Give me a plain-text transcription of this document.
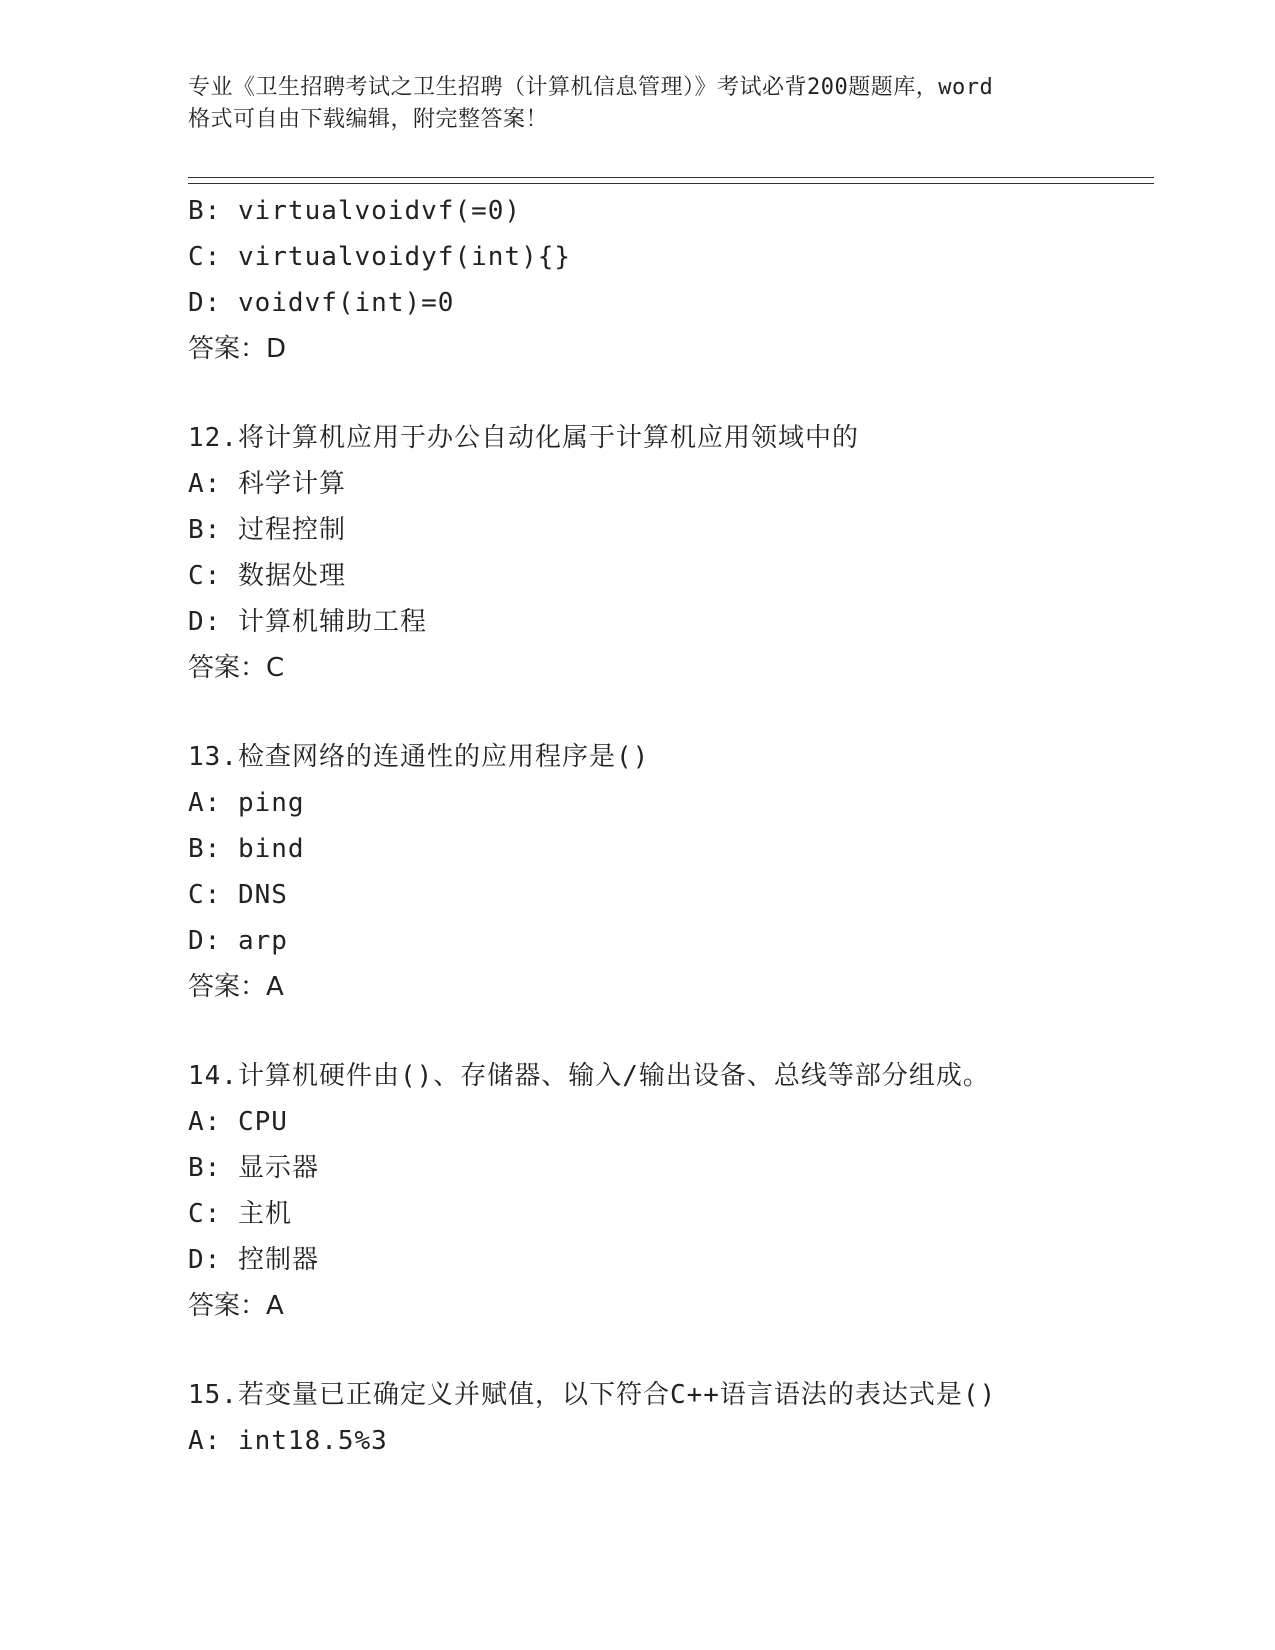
专业《卫生招聘考试之卫生招聘（计算机信息管理）》考试必背200题题库，word
格式可自由下载编辑，附完整答案！
B: virtualvoidvf(=0)
C: virtualvoidyf(int){}
D: voidvf(int)=0
答案：D
12.将计算机应用于办公自动化属于计算机应用领域中的
A: 科学计算
B: 过程控制
C: 数据处理
D: 计算机辅助工程
答案：C
13.检查网络的连通性的应用程序是()
A: ping
B: bind
C: DNS
D: arp
答案：A
14.计算机硬件由()、存储器、输入/输出设备、总线等部分组成。
A: CPU
B: 显示器
C: 主机
D: 控制器
答案：A
15.若变量已正确定义并赋值，以下符合C++语言语法的表达式是()
A: int18.5%3
